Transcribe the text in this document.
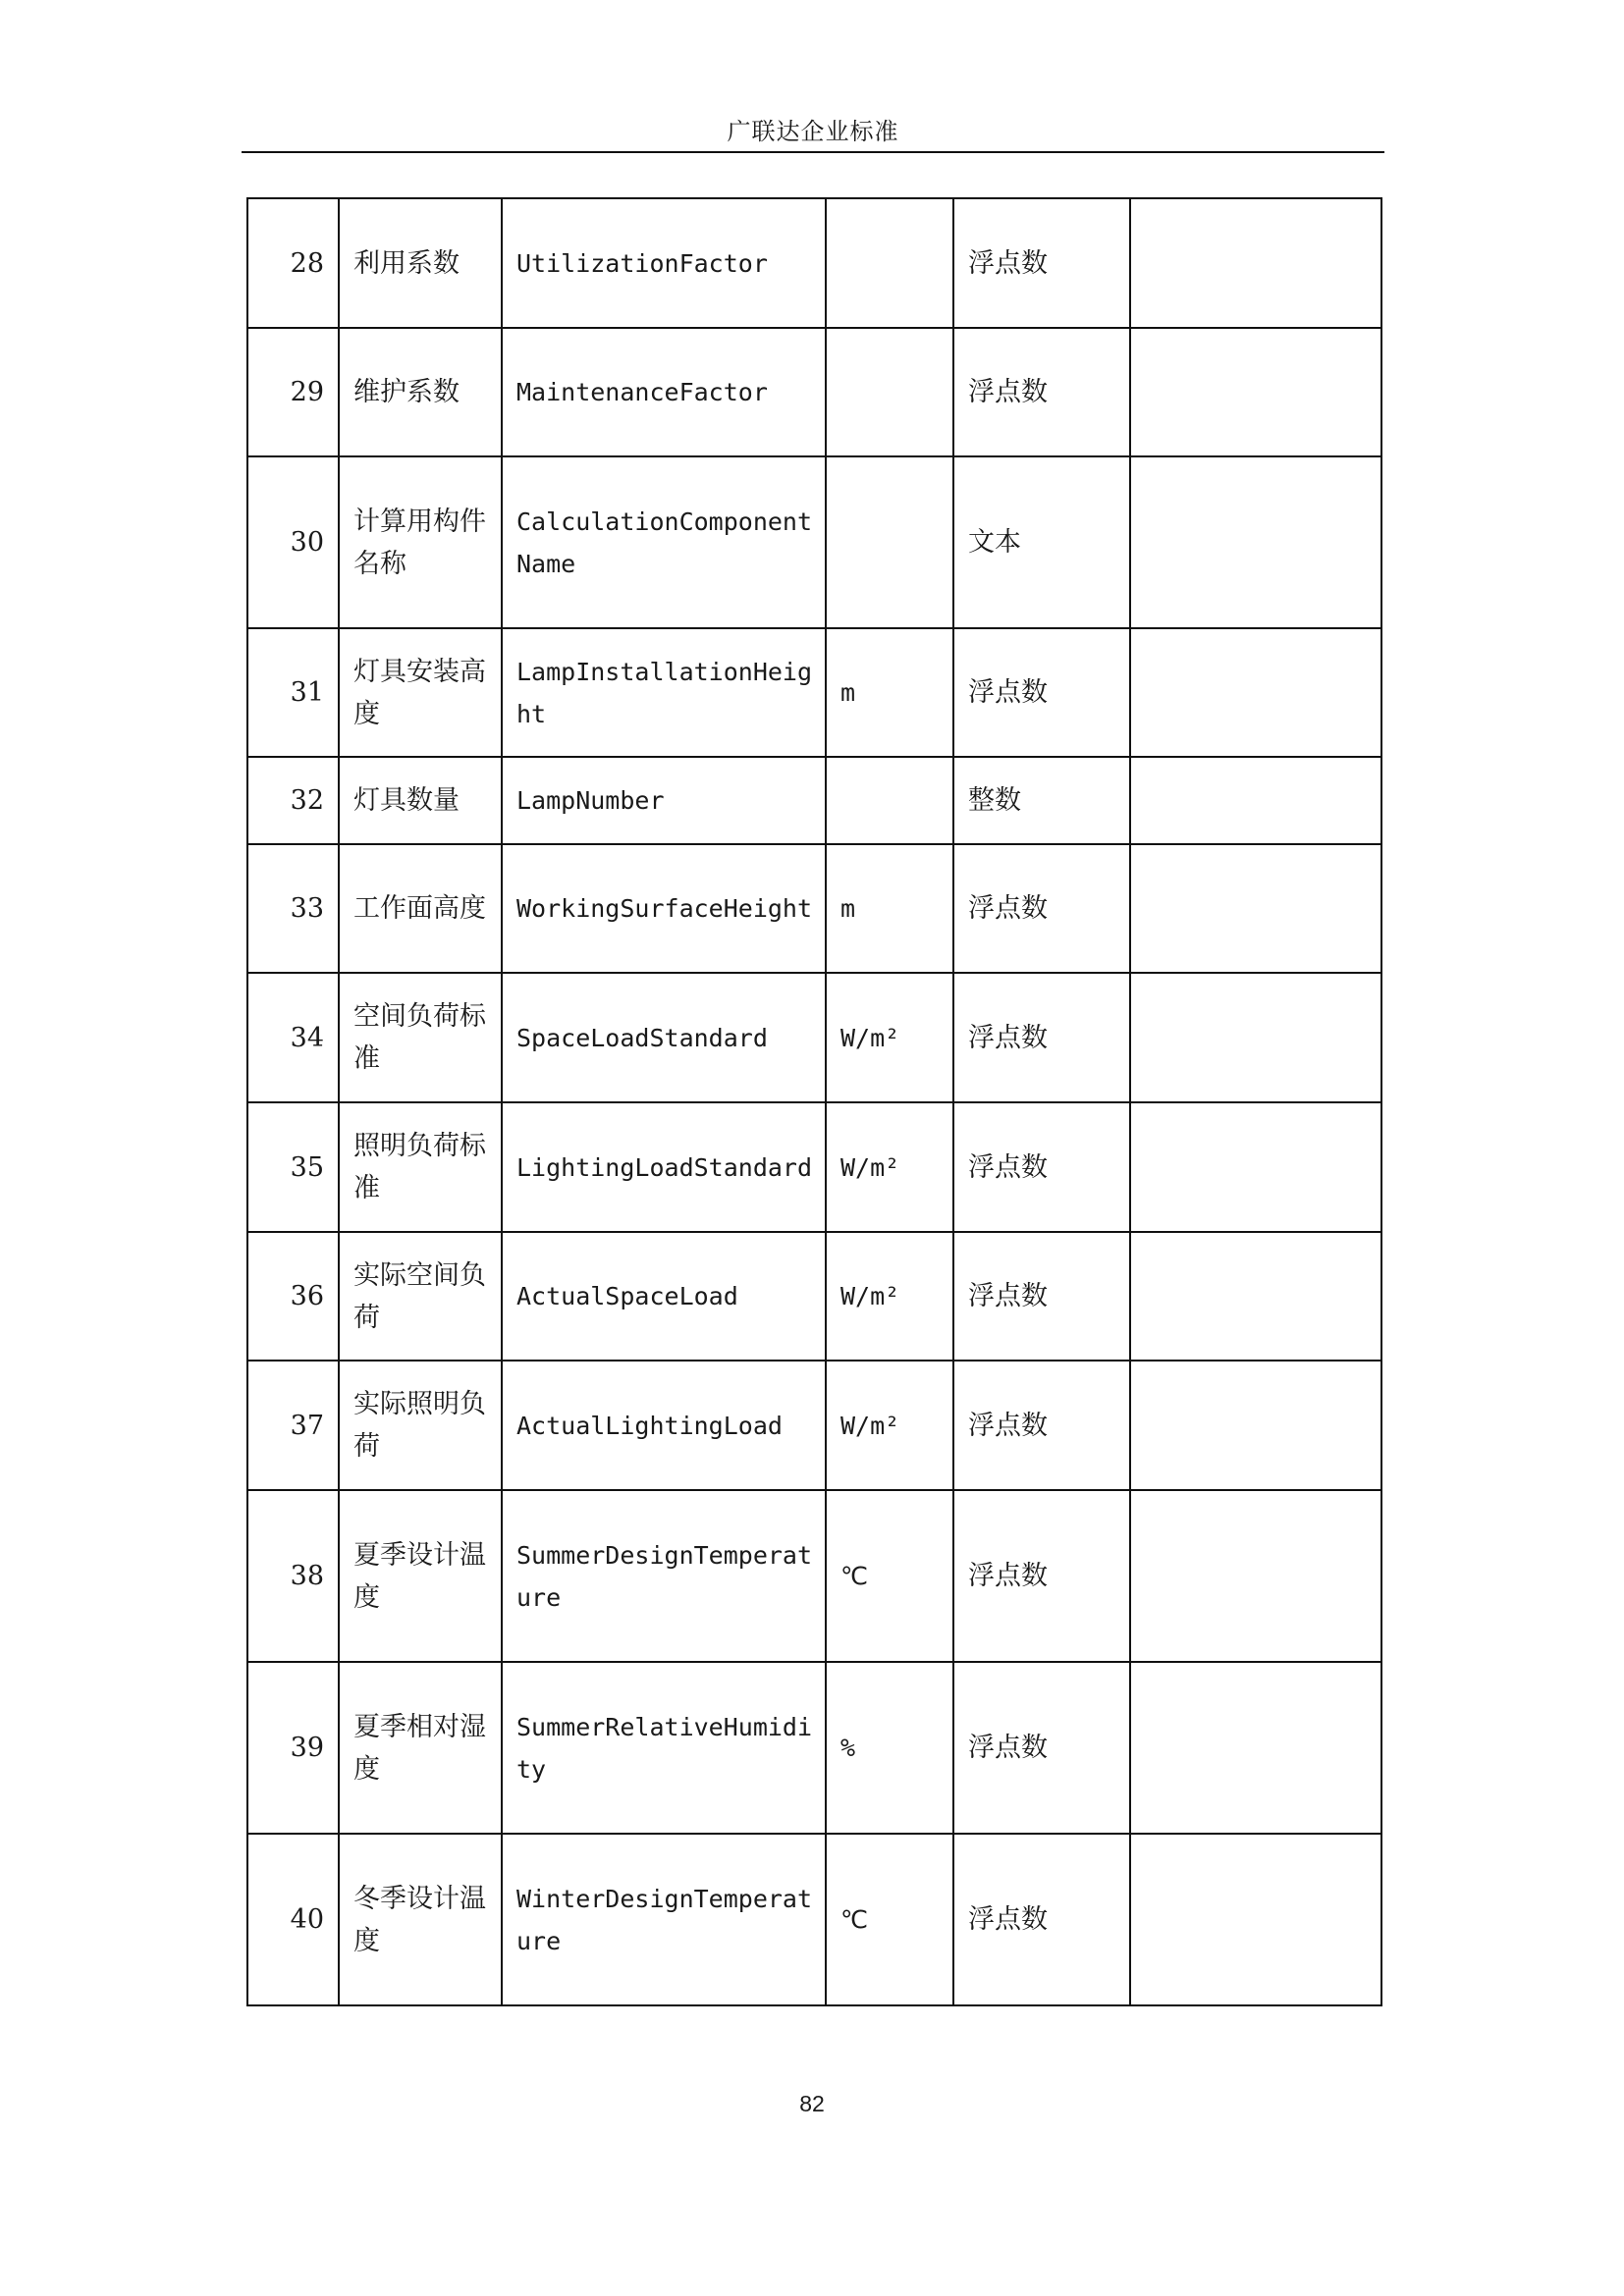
广联达企业标准
28	利用系数	UtilizationFactor		浮点数	
29	维护系数	MaintenanceFactor		浮点数	
30	计算用构件名称	CalculationComponentName		文本	
31	灯具安装高度	LampInstallationHeight	m	浮点数	
32	灯具数量	LampNumber		整数	
33	工作面高度	WorkingSurfaceHeight	m	浮点数	
34	空间负荷标准	SpaceLoadStandard	W/m²	浮点数	
35	照明负荷标准	LightingLoadStandard	W/m²	浮点数	
36	实际空间负荷	ActualSpaceLoad	W/m²	浮点数	
37	实际照明负荷	ActualLightingLoad	W/m²	浮点数	
38	夏季设计温度	SummerDesignTemperature	℃	浮点数	
39	夏季相对湿度	SummerRelativeHumidity	%	浮点数	
40	冬季设计温度	WinterDesignTemperature	℃	浮点数	
82
